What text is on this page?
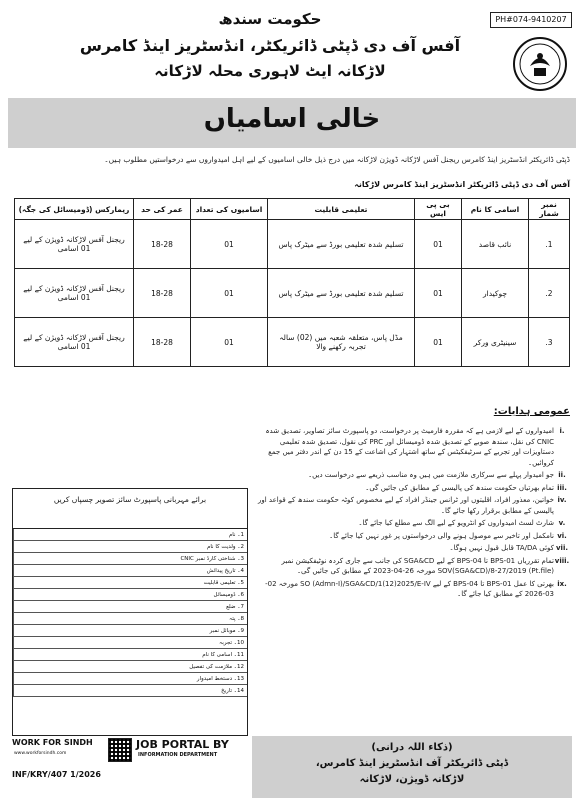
PH#074-9410207
حکومت سندھ
آفس آف دی ڈپٹی ڈائریکٹر، انڈسٹریز اینڈ کامرس
لاڑکانہ ایٹ لاہوری محلہ لاڑکانہ
خالی اسامیاں
ڈپٹی ڈائریکٹر انڈسٹریز اینڈ کامرس ریجنل آفس لاڑکانہ ڈویژن لاڑکانہ میں درج ذیل خالی اسامیوں کے لیے اہل امیدواروں سے درخواستیں مطلوب ہیں۔
آفس آف دی ڈپٹی ڈائریکٹر انڈسٹریز اینڈ کامرس لاڑکانہ
نمبر شمار	اسامی کا نام	بی پی ایس	تعلیمی قابلیت	اسامیوں کی تعداد	عمر کی حد	ریمارکس (ڈومیسائل کی جگہ)
1.	نائب قاصد	01	تسلیم شدہ تعلیمی بورڈ سے میٹرک پاس	01	18-28	ریجنل آفس لاڑکانہ ڈویژن کے لیے 01 اسامی
2.	چوکیدار	01	تسلیم شدہ تعلیمی بورڈ سے میٹرک پاس	01	18-28	ریجنل آفس لاڑکانہ ڈویژن کے لیے 01 اسامی
3.	سینیٹری ورکر	01	مڈل پاس، متعلقہ شعبہ میں (02) سالہ تجربہ رکھنے والا	01	18-28	ریجنل آفس لاڑکانہ ڈویژن کے لیے 01 اسامی
عمومی ہدایات:
i.
امیدواروں کے لیے لازمی ہے کہ مقررہ فارمیٹ پر درخواست، دو پاسپورٹ سائز تصاویر، تصدیق شدہ CNIC کی نقل، سندھ صوبے کے تصدیق شدہ ڈومیسائل اور PRC کی نقول، تصدیق شدہ تعلیمی دستاویزات اور تجربے کے سرٹیفکیٹس کے ساتھ اشتہار کی اشاعت کے 15 دن کے اندر دفتر میں جمع کروائیں۔
ii.
جو امیدوار پہلے سے سرکاری ملازمت میں ہیں وہ مناسب ذریعے سے درخواست دیں۔
iii.
تمام بھرتیاں حکومت سندھ کی پالیسی کے مطابق کی جائیں گی۔
iv.
خواتین، معذور افراد، اقلیتوں اور ٹرانس جینڈر افراد کے لیے مخصوص کوٹہ حکومت سندھ کے قواعد اور پالیسی کے مطابق برقرار رکھا جائے گا۔
v.
شارٹ لسٹ امیدواروں کو انٹرویو کے لیے الگ سے مطلع کیا جائے گا۔
vi.
نامکمل اور تاخیر سے موصول ہونے والی درخواستوں پر غور نہیں کیا جائے گا۔
vii.
کوئی TA/DA قابل قبول نہیں ہوگا۔
viii.
تمام تقرریاں BPS-01 تا BPS-04 کے لیے SGA&CD کی جانب سے جاری کردہ نوٹیفکیشن نمبر SOV(SGA&CD)/8-27/2019 (Pt.file) مورخہ 26-04-2023 کے مطابق کی جائیں گی۔
ix.
بھرتی کا عمل BPS-01 تا BPS-04 کے لیے SO (Admn-I)/SGA&CD/1(12)2025/E-IV مورخہ 02-03-2026 کے مطابق کیا جائے گا۔
برائے مہربانی پاسپورٹ سائز تصویر چسپاں کریں
1۔ نام	
2۔ ولدیت کا نام	
3۔ شناختی کارڈ نمبر CNIC	
4۔ تاریخ پیدائش	
5۔ تعلیمی قابلیت	
6۔ ڈومیسائل	
7۔ ضلع	
8۔ پتہ	
9۔ موبائل نمبر	
10۔ تجربہ	
11۔ اسامی کا نام	
12۔ ملازمت کی تفصیل	
13۔ دستخط امیدوار	
14۔ تاریخ	
WORK FOR SINDH
www.workforsindh.com
JOB PORTAL BY
INFORMATION DEPARTMENT
INF/KRY/407 1/2026
(ذکاء اللہ درانی)
ڈپٹی ڈائریکٹر آف انڈسٹریز اینڈ کامرس،
لاڑکانہ ڈویژن، لاڑکانہ
